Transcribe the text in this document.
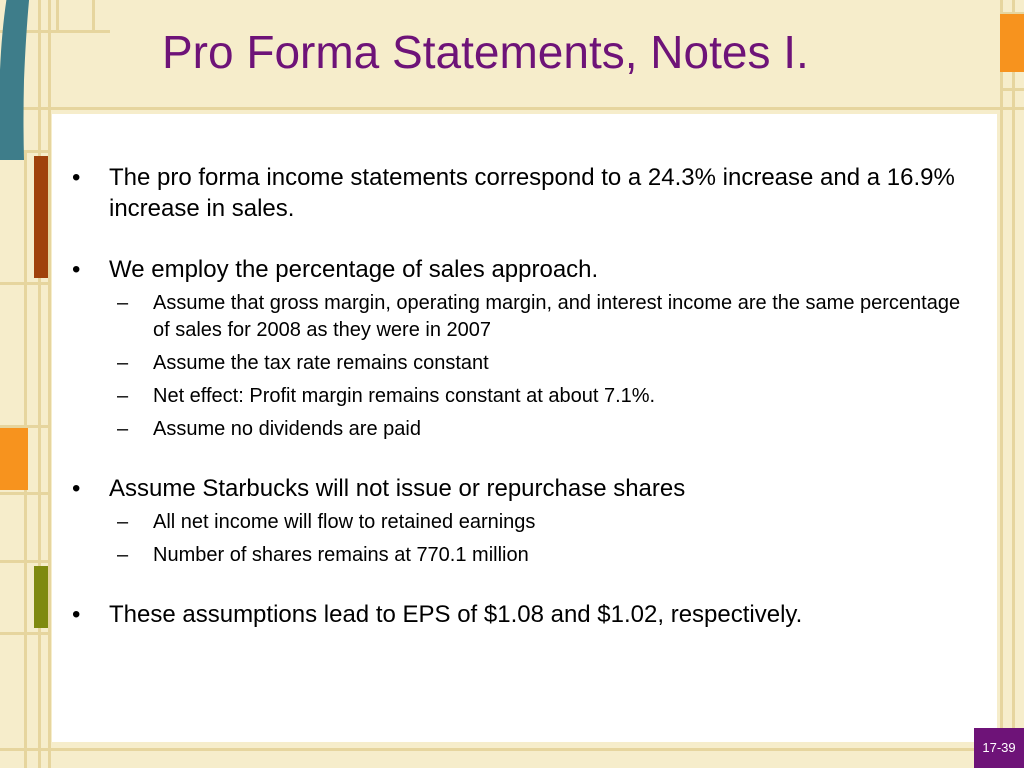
Pro Forma Statements, Notes I.
•	The pro forma income statements correspond to a 24.3% increase and a 16.9% increase in sales.
•	We employ the percentage of sales approach.
–	Assume that gross margin, operating margin, and interest income are the same percentage of sales for 2008 as they were in 2007
–	Assume the tax rate remains constant
–	Net effect: Profit margin remains constant at about 7.1%.
–	Assume no dividends are paid
•	Assume Starbucks will not issue or repurchase shares
–	All net income will flow to retained earnings
–	Number of shares remains at 770.1 million
•	These assumptions lead to EPS of $1.08 and $1.02, respectively.
17-39
